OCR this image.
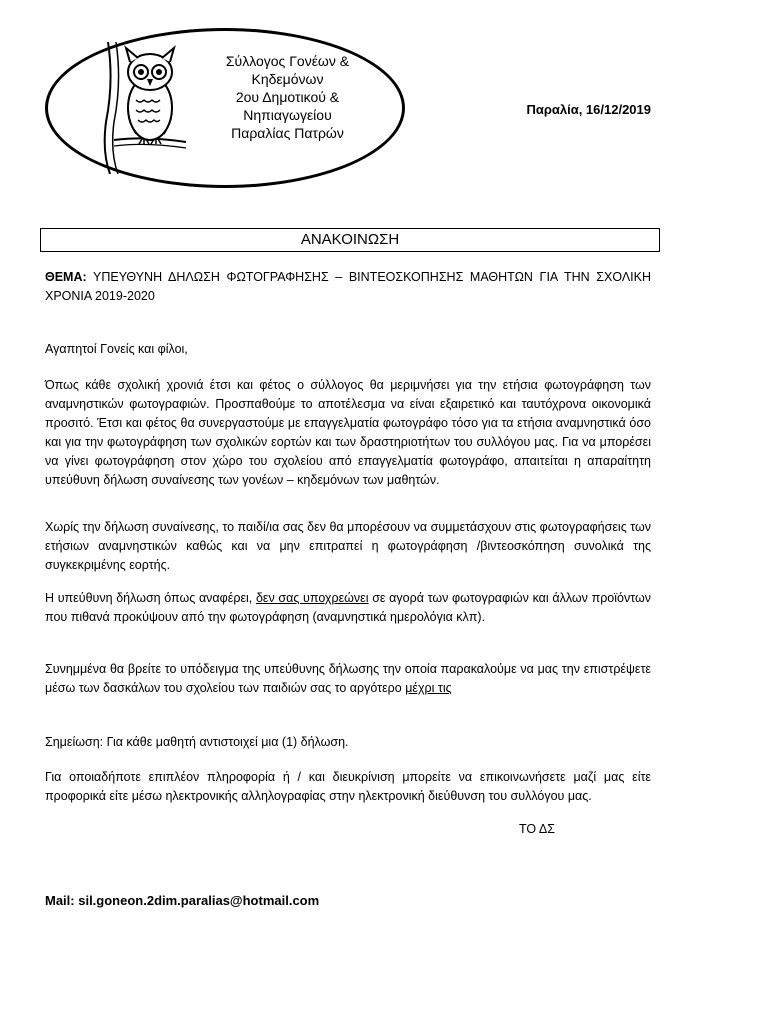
Σύλλογος Γονέων &
Κηδεμόνων
2ου Δημοτικού &
Νηπιαγωγείου
Παραλίας Πατρών
Παραλία, 16/12/2019
ΑΝΑΚΟΙΝΩΣΗ
ΘΕΜΑ: ΥΠΕΥΘΥΝΗ ΔΗΛΩΣΗ ΦΩΤΟΓΡΑΦΗΣΗΣ – ΒΙΝΤΕΟΣΚΟΠΗΣΗΣ ΜΑΘΗΤΩΝ ΓΙΑ ΤΗΝ ΣΧΟΛΙΚΗ ΧΡΟΝΙΑ 2019-2020
Αγαπητοί Γονείς και φίλοι,
Όπως κάθε σχολική χρονιά έτσι και φέτος ο σύλλογος θα μεριμνήσει για την ετήσια φωτογράφηση των αναμνηστικών φωτογραφιών. Προσπαθούμε το αποτέλεσμα να είναι εξαιρετικό και ταυτόχρονα οικονομικά προσιτό. Έτσι και φέτος θα συνεργαστούμε με επαγγελματία φωτογράφο τόσο για τα ετήσια αναμνηστικά όσο και για την φωτογράφηση των σχολικών εορτών και των δραστηριοτήτων του συλλόγου μας. Για να μπορέσει να γίνει φωτογράφηση στον χώρο του σχολείου από επαγγελματία φωτογράφο, απαιτείται η απαραίτητη υπεύθυνη δήλωση συναίνεσης των γονέων – κηδεμόνων των μαθητών.
Χωρίς την δήλωση συναίνεσης, το παιδί/ια σας δεν θα μπορέσουν να συμμετάσχουν στις φωτογραφήσεις των ετήσιων αναμνηστικών καθώς και να μην επιτραπεί η φωτογράφηση /βιντεοσκόπηση συνολικά της συγκεκριμένης εορτής.
Η υπεύθυνη δήλωση όπως αναφέρει, δεν σας υποχρεώνει σε αγορά των φωτογραφιών και άλλων προϊόντων που πιθανά προκύψουν από την φωτογράφηση (αναμνηστικά ημερολόγια κλπ).
Συνημμένα θα βρείτε το υπόδειγμα της υπεύθυνης δήλωσης την οποία παρακαλούμε να μας την επιστρέψετε μέσω των δασκάλων του σχολείου των παιδιών σας το αργότερο μέχρι τις
Σημείωση: Για κάθε μαθητή αντιστοιχεί μια (1) δήλωση.
Για οποιαδήποτε επιπλέον πληροφορία ή / και διευκρίνιση μπορείτε να επικοινωνήσετε μαζί μας είτε προφορικά είτε μέσω ηλεκτρονικής αλληλογραφίας στην ηλεκτρονική διεύθυνση του συλλόγου μας.
ΤΟ ΔΣ
Mail: sil.goneon.2dim.paralias@hotmail.com
